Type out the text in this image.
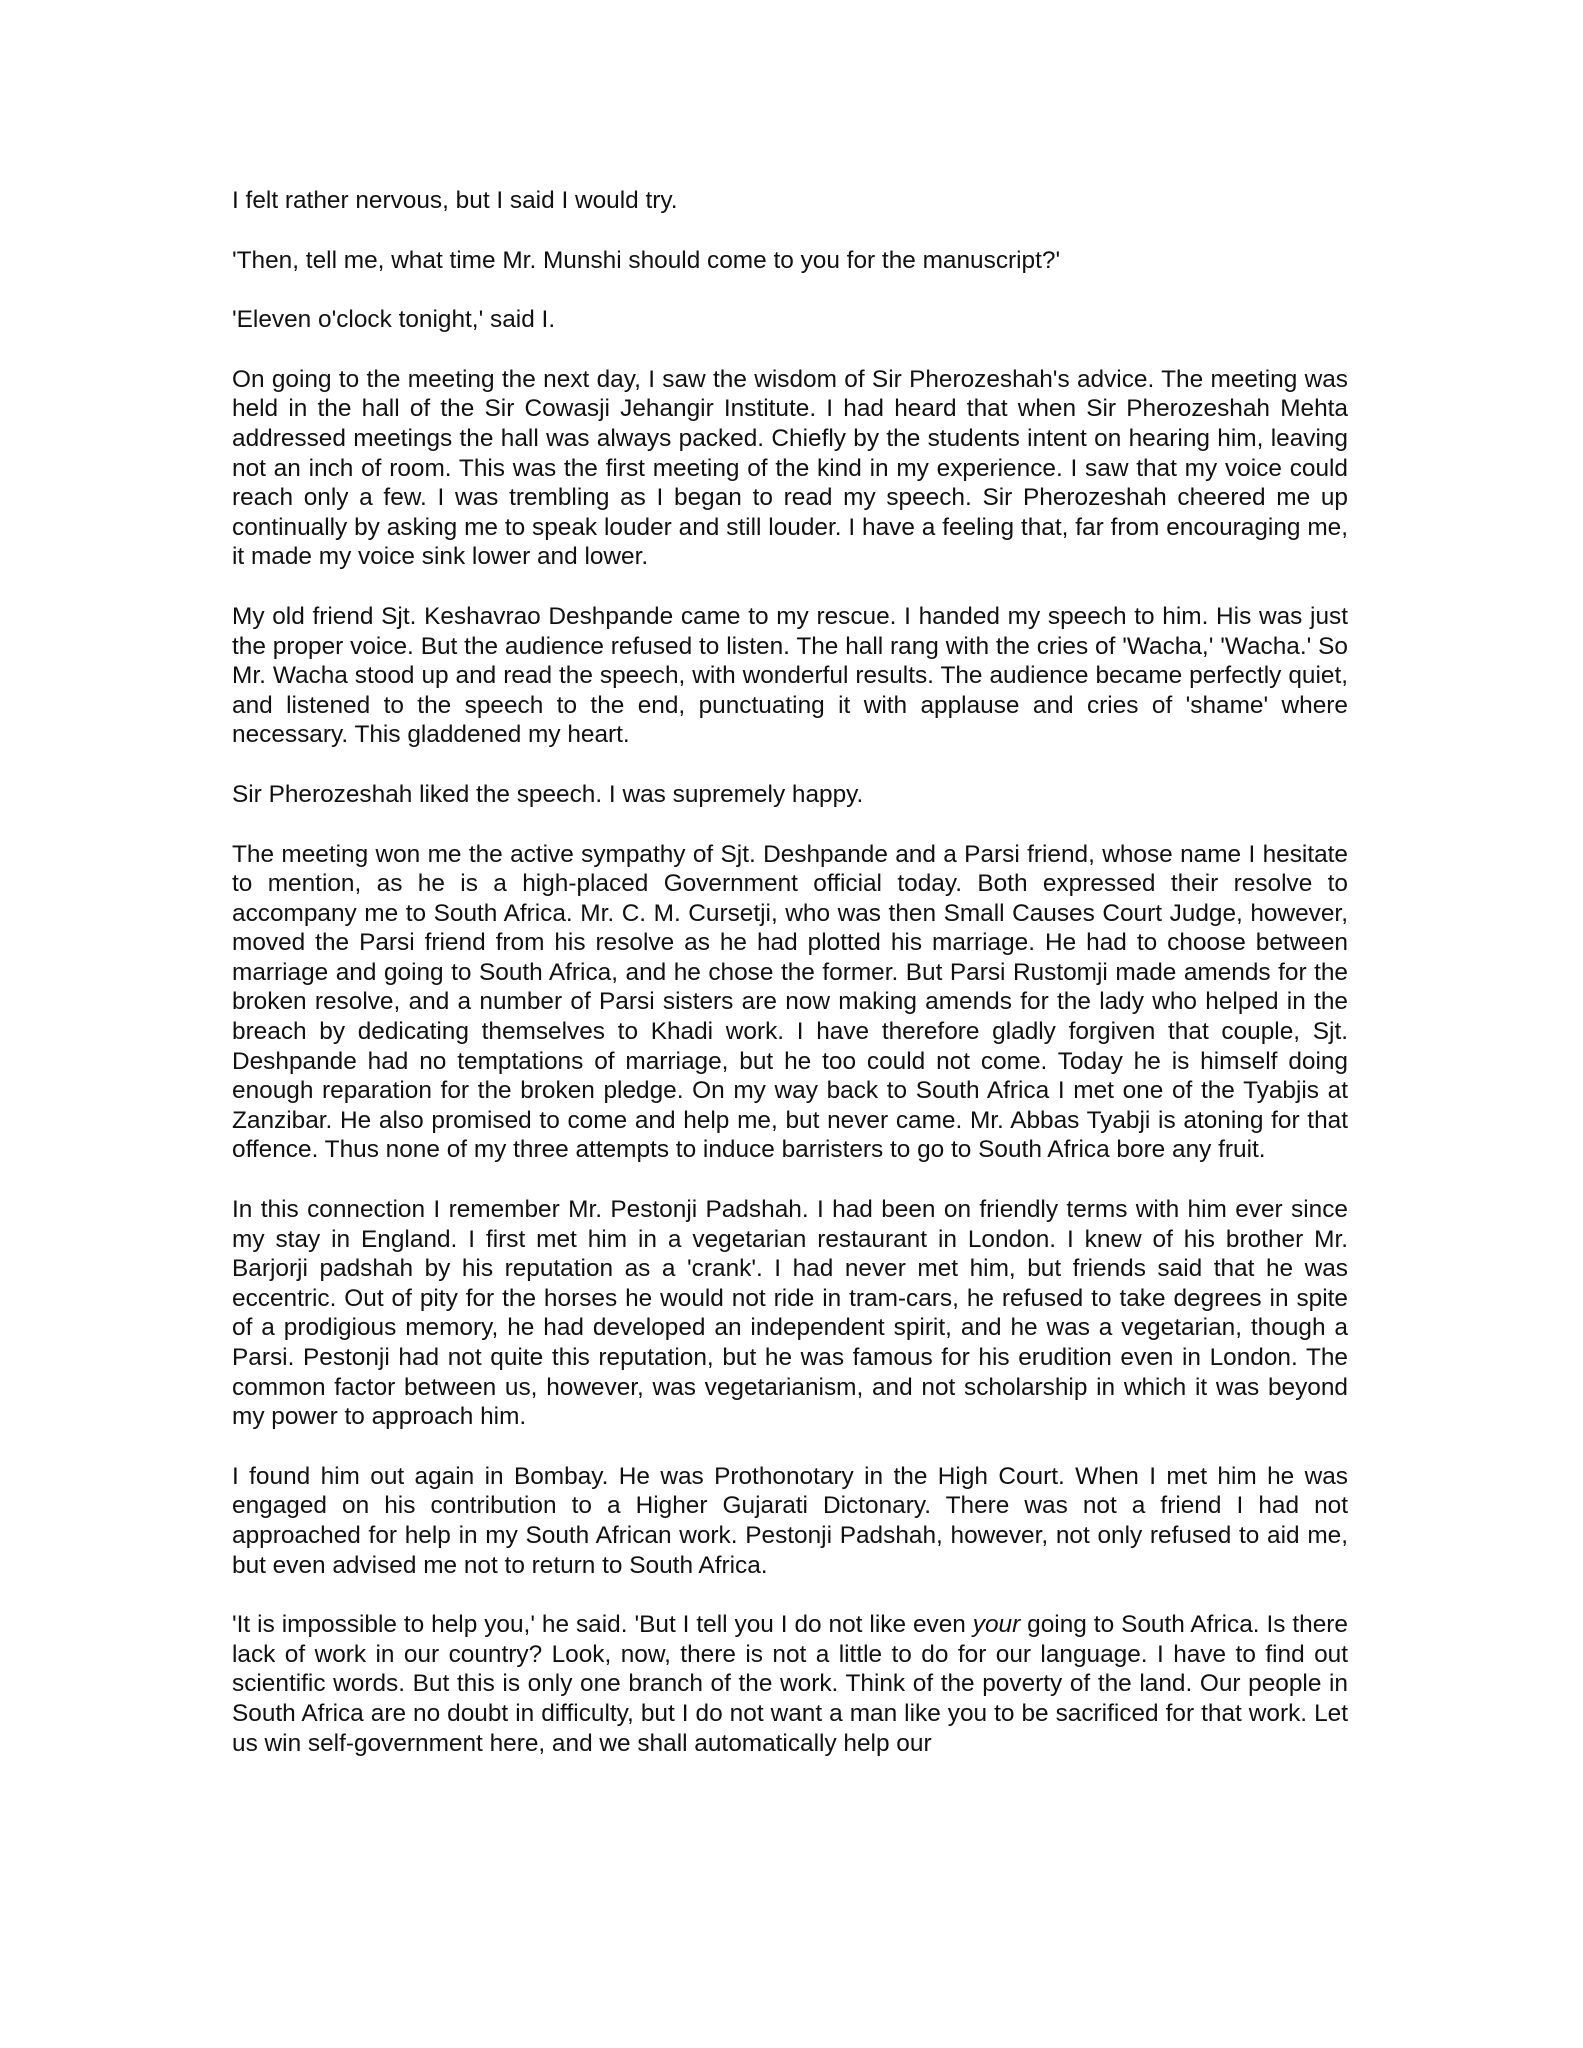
I felt rather nervous, but I said I would try.

'Then, tell me, what time Mr. Munshi should come to you for the manuscript?'

'Eleven o'clock tonight,' said I.

On going to the meeting the next day, I saw the wisdom of Sir Pherozeshah's advice. The meeting was held in the hall of the Sir Cowasji Jehangir Institute. I had heard that when Sir Pherozeshah Mehta addressed meetings the hall was always packed. Chiefly by the students intent on hearing him, leaving not an inch of room. This was the first meeting of the kind in my experience. I saw that my voice could reach only a few. I was trembling as I began to read my speech. Sir Pherozeshah cheered me up continually by asking me to speak louder and still louder. I have a feeling that, far from encouraging me, it made my voice sink lower and lower.

My old friend Sjt. Keshavrao Deshpande came to my rescue. I handed my speech to him. His was just the proper voice. But the audience refused to listen. The hall rang with the cries of 'Wacha,' 'Wacha.' So Mr. Wacha stood up and read the speech, with wonderful results. The audience became perfectly quiet, and listened to the speech to the end, punctuating it with applause and cries of 'shame' where necessary. This gladdened my heart.

Sir Pherozeshah liked the speech. I was supremely happy.

The meeting won me the active sympathy of Sjt. Deshpande and a Parsi friend, whose name I hesitate to mention, as he is a high-placed Government official today. Both expressed their resolve to accompany me to South Africa. Mr. C. M. Cursetji, who was then Small Causes Court Judge, however, moved the Parsi friend from his resolve as he had plotted his marriage. He had to choose between marriage and going to South Africa, and he chose the former. But Parsi Rustomji made amends for the broken resolve, and a number of Parsi sisters are now making amends for the lady who helped in the breach by dedicating themselves to Khadi work. I have therefore gladly forgiven that couple, Sjt. Deshpande had no temptations of marriage, but he too could not come. Today he is himself doing enough reparation for the broken pledge. On my way back to South Africa I met one of the Tyabjis at Zanzibar. He also promised to come and help me, but never came. Mr. Abbas Tyabji is atoning for that offence. Thus none of my three attempts to induce barristers to go to South Africa bore any fruit.

In this connection I remember Mr. Pestonji Padshah. I had been on friendly terms with him ever since my stay in England. I first met him in a vegetarian restaurant in London. I knew of his brother Mr. Barjorji padshah by his reputation as a 'crank'. I had never met him, but friends said that he was eccentric. Out of pity for the horses he would not ride in tram-cars, he refused to take degrees in spite of a prodigious memory, he had developed an independent spirit, and he was a vegetarian, though a Parsi. Pestonji had not quite this reputation, but he was famous for his erudition even in London. The common factor between us, however, was vegetarianism, and not scholarship in which it was beyond my power to approach him.

I found him out again in Bombay. He was Prothonotary in the High Court. When I met him he was engaged on his contribution to a Higher Gujarati Dictonary. There was not a friend I had not approached for help in my South African work. Pestonji Padshah, however, not only refused to aid me, but even advised me not to return to South Africa.

'It is impossible to help you,' he said. 'But I tell you I do not like even your going to South Africa. Is there lack of work in our country? Look, now, there is not a little to do for our language. I have to find out scientific words. But this is only one branch of the work. Think of the poverty of the land. Our people in South Africa are no doubt in difficulty, but I do not want a man like you to be sacrificed for that work. Let us win self-government here, and we shall automatically help our
